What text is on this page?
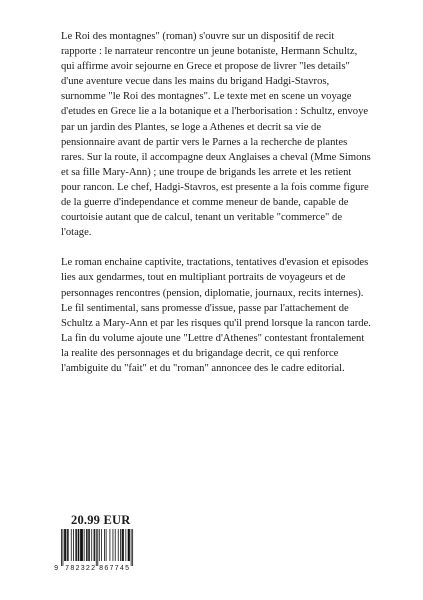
Le Roi des montagnes" (roman) s'ouvre sur un dispositif de recit rapporte : le narrateur rencontre un jeune botaniste, Hermann Schultz, qui affirme avoir sejourne en Grece et propose de livrer "les details" d'une aventure vecue dans les mains du brigand Hadgi-Stavros, surnomme "le Roi des montagnes". Le texte met en scene un voyage d'etudes en Grece lie a la botanique et a l'herborisation : Schultz, envoye par un jardin des Plantes, se loge a Athenes et decrit sa vie de pensionnaire avant de partir vers le Parnes a la recherche de plantes rares. Sur la route, il accompagne deux Anglaises a cheval (Mme Simons et sa fille Mary-Ann) ; une troupe de brigands les arrete et les retient pour rancon. Le chef, Hadgi-Stavros, est presente a la fois comme figure de la guerre d'independance et comme meneur de bande, capable de courtoisie autant que de calcul, tenant un veritable "commerce" de l'otage.

Le roman enchaine captivite, tractations, tentatives d'evasion et episodes lies aux gendarmes, tout en multipliant portraits de voyageurs et de personnages rencontres (pension, diplomatie, journaux, recits internes). Le fil sentimental, sans promesse d'issue, passe par l'attachement de Schultz a Mary-Ann et par les risques qu'il prend lorsque la rancon tarde. La fin du volume ajoute une "Lettre d'Athenes" contestant frontalement la realite des personnages et du brigandage decrit, ce qui renforce l'ambiguite du "fait" et du "roman" annoncee des le cadre editorial.

20.99 EUR
9 782322 867745
